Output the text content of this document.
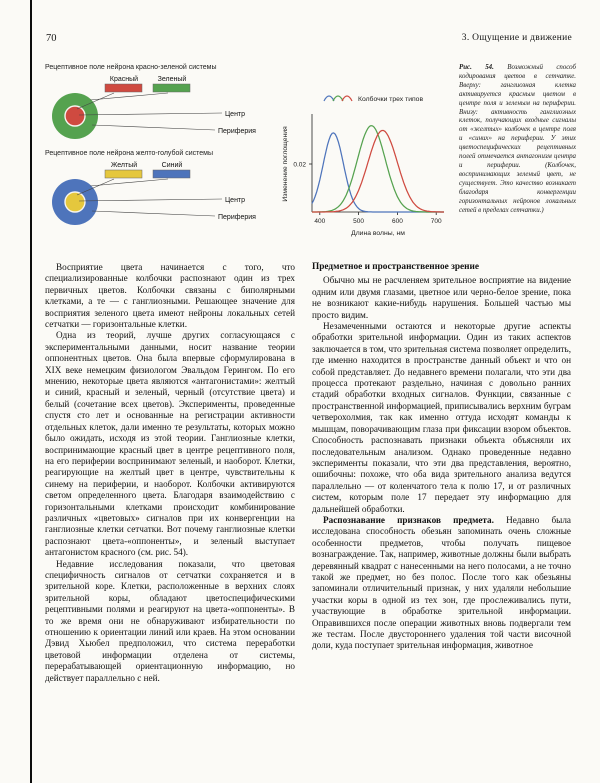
70	3. Ощущение и движение
Рецептивное поле нейрона красно-зеленой системы
Красный	Зеленый
Центр
Периферия
Рецептивное поле нейрона желто-голубой системы
Желтый	Синий
Центр
Периферия
Колбочки трех типов
0.02
400	500	600	700
Длина волны, нм
Изменение поглощения

Рис. 54. Возможный способ кодирования цветов в сетчатке. Вверху: ганглиозная клетка активируется красным цветом в центре поля и зеленым на периферии. Внизу: активность ганглиозных клеток, получающих входные сигналы от «желтых» колбочек в центре поля и «синих» на периферии. У этих цветоспецифических рецептивных полей отмечается антагонизм центра и периферии. (Колбочек, воспринимающих зеленый цвет, не существует. Это качество возникает благодаря конвергенции горизонтальных нейронов локальных сетей в пределах сетчатки.)

Восприятие цвета начинается с того, что специализированные колбочки распознают один из трех первичных цветов. Колбочки связаны с биполярными клетками, а те — с ганглиозными. Решающее значение для восприятия зеленого цвета имеют нейроны локальных сетей сетчатки — горизонтальные клетки.

Одна из теорий, лучше других согласующаяся с экспериментальными данными, носит название теории оппонентных цветов. Она была впервые сформулирована в XIX веке немецким физиологом Эвальдом Герингом. По его мнению, некоторые цвета являются «антагонистами»: желтый и синий, красный и зеленый, черный (отсутствие цвета) и белый (сочетание всех цветов). Эксперименты, проведенные спустя сто лет и основанные на регистрации активности отдельных клеток, дали именно те результаты, которых можно было ожидать, исходя из этой теории. Ганглиозные клетки, воспринимающие красный цвет в центре рецептивного поля, на его периферии воспринимают зеленый, и наоборот. Клетки, реагирующие на желтый цвет в центре, чувствительны к синему на периферии, и наоборот. Колбочки активируются светом определенного цвета. Благодаря взаимодействию с горизонтальными клетками происходит комбинирование различных «цветовых» сигналов при их конвергенции на ганглиозные клетки сетчатки. Вот почему ганглиозные клетки распознают цвета-«оппоненты», и зеленый выступает антагонистом красного (см. рис. 54).

Недавние исследования показали, что цветовая специфичность сигналов от сетчатки сохраняется и в зрительной коре. Клетки, расположенные в верхних слоях зрительной коры, обладают цветоспецифическими рецептивными полями и реагируют на цвета-«оппоненты». В то же время они не обнаруживают избирательности по отношению к ориентации линий или краев. На этом основании Дэвид Хьюбел предположил, что система переработки цветовой информации отделена от системы, перерабатывающей ориентационную информацию, но действует параллельно с ней.

Предметное и пространственное зрение

Обычно мы не расчленяем зрительное восприятие на видение одним или двумя глазами, цветное или черно-белое зрение, пока не возникают какие-нибудь нарушения. Большей частью мы просто видим.

Незамеченными остаются и некоторые другие аспекты обработки зрительной информации. Один из таких аспектов заключается в том, что зрительная система позволяет определить, где именно находится в пространстве данный объект и что он собой представляет. До недавнего времени полагали, что эти два процесса протекают раздельно, начиная с довольно ранних стадий обработки входных сигналов. Функции, связанные с пространственной информацией, приписывались верхним буграм четверохолмия, так как именно оттуда исходят команды к мышцам, поворачивающим глаза при фиксации взором объектов. Способность распознавать признаки объекта объясняли их последовательным анализом. Однако проведенные недавно эксперименты показали, что эти два представления, вероятно, ошибочны: похоже, что оба вида зрительного анализа ведутся параллельно — от коленчатого тела к полю 17, и от различных систем, которым поле 17 передает эту информацию для дальнейшей обработки.

Распознавание признаков предмета. Недавно была исследована способность обезьян запоминать очень сложные особенности предметов, чтобы получать пищевое вознаграждение. Так, например, животные должны были выбрать деревянный квадрат с нанесенными на него полосами, а не точно такой же предмет, но без полос. После того как обезьяны запоминали отличительный признак, у них удаляли небольшие участки коры в одной из тех зон, где прослеживались пути, участвующие в обработке зрительной информации. Оправившихся после операции животных вновь подвергали тем же тестам. После двустороннего удаления той части височной доли, куда поступает зрительная информация, животное
